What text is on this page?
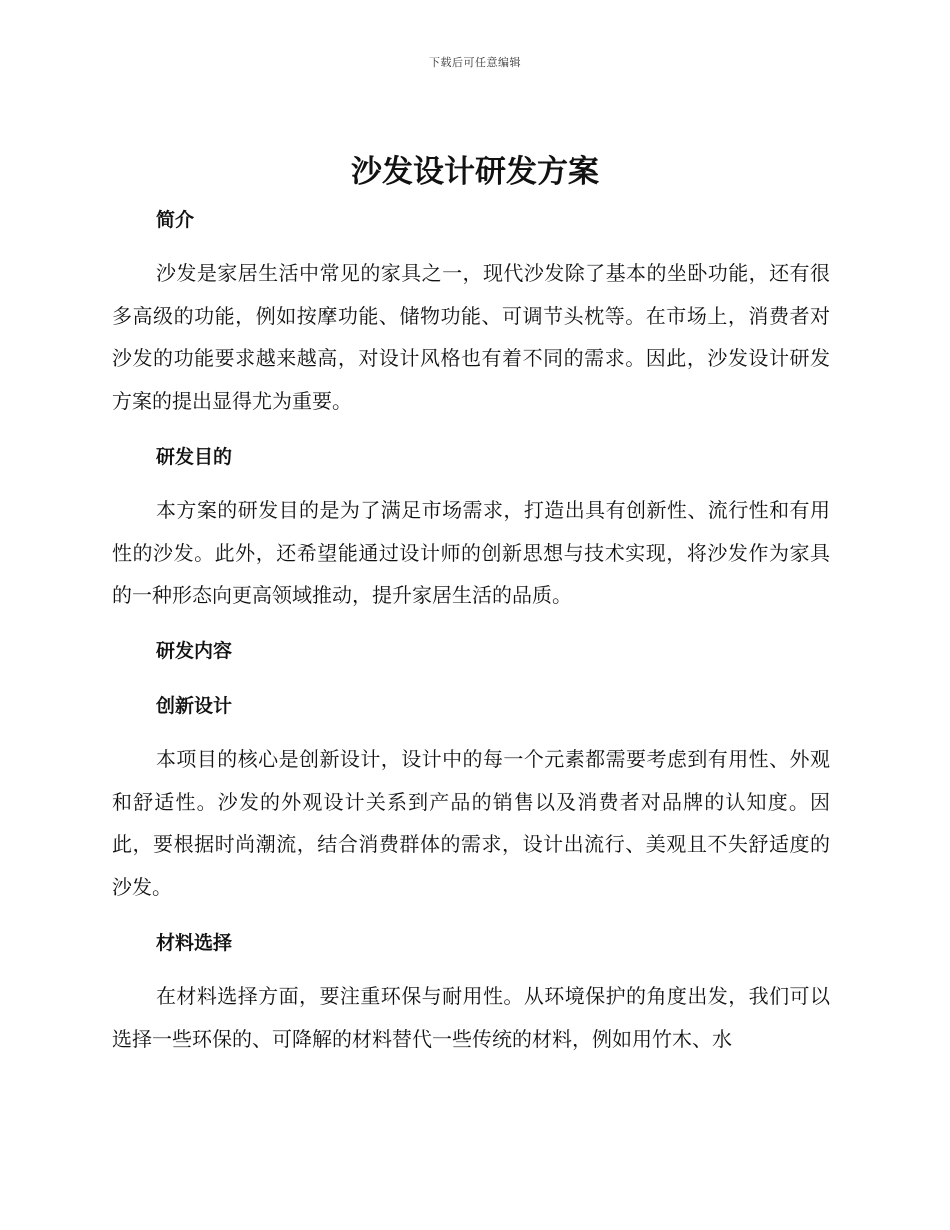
下载后可任意编辑
沙发设计研发方案
简介

沙发是家居生活中常见的家具之一，现代沙发除了基本的坐卧功能，还有很多高级的功能，例如按摩功能、储物功能、可调节头枕等。在市场上，消费者对沙发的功能要求越来越高，对设计风格也有着不同的需求。因此，沙发设计研发方案的提出显得尤为重要。

研发目的

本方案的研发目的是为了满足市场需求，打造出具有创新性、流行性和有用性的沙发。此外，还希望能通过设计师的创新思想与技术实现，将沙发作为家具的一种形态向更高领域推动，提升家居生活的品质。

研发内容
创新设计

本项目的核心是创新设计，设计中的每一个元素都需要考虑到有用性、外观和舒适性。沙发的外观设计关系到产品的销售以及消费者对品牌的认知度。因此，要根据时尚潮流，结合消费群体的需求，设计出流行、美观且不失舒适度的沙发。

材料选择

在材料选择方面，要注重环保与耐用性。从环境保护的角度出发，我们可以选择一些环保的、可降解的材料替代一些传统的材料，例如用竹木、水
